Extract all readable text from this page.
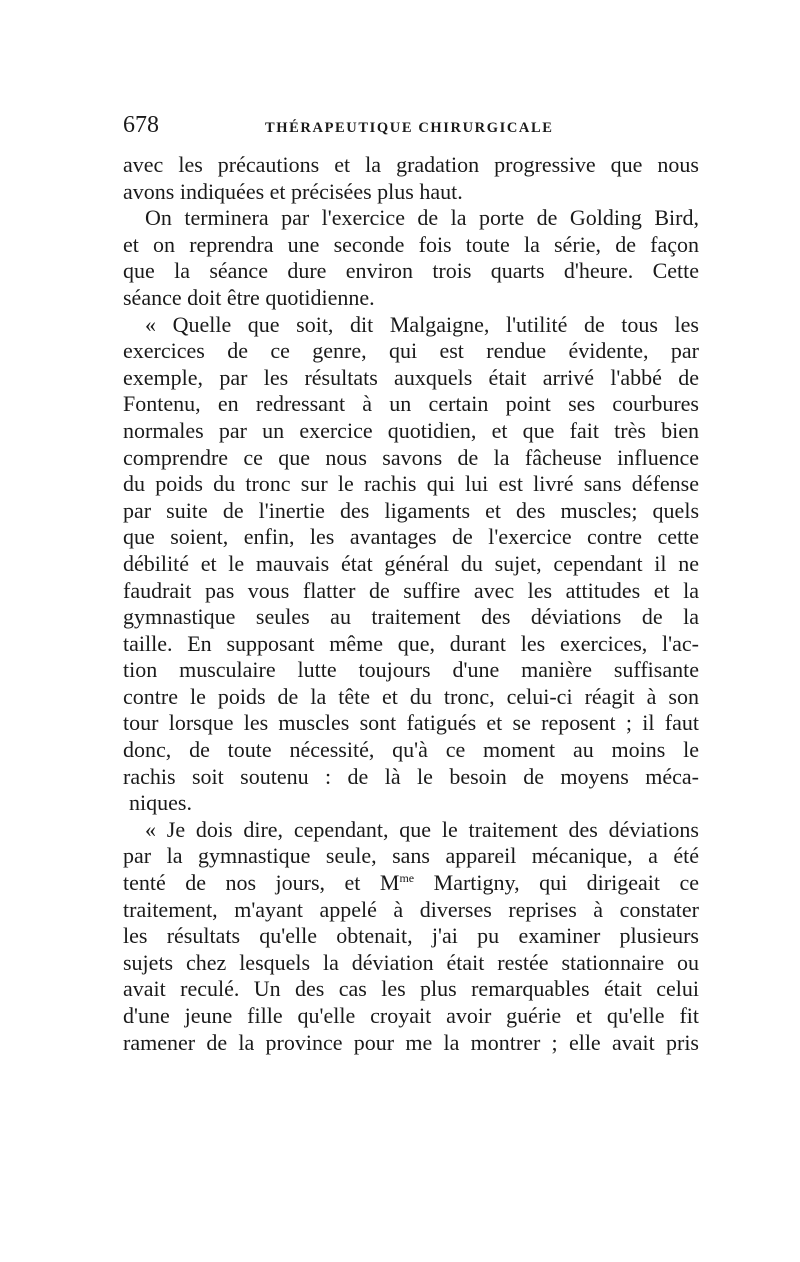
678	THÉRAPEUTIQUE CHIRURGICALE
avec les précautions et la gradation progressive que nous
avons indiquées et précisées plus haut.
On terminera par l'exercice de la porte de Golding Bird,
et on reprendra une seconde fois toute la série, de façon
que la séance dure environ trois quarts d'heure. Cette
séance doit être quotidienne.
« Quelle que soit, dit Malgaigne, l'utilité de tous les
exercices de ce genre, qui est rendue évidente, par
exemple, par les résultats auxquels était arrivé l'abbé de
Fontenu, en redressant à un certain point ses courbures
normales par un exercice quotidien, et que fait très bien
comprendre ce que nous savons de la fâcheuse influence
du poids du tronc sur le rachis qui lui est livré sans défense
par suite de l'inertie des ligaments et des muscles; quels
que soient, enfin, les avantages de l'exercice contre cette
débilité et le mauvais état général du sujet, cependant il ne
faudrait pas vous flatter de suffire avec les attitudes et la
gymnastique seules au traitement des déviations de la
taille. En supposant même que, durant les exercices, l'ac-
tion musculaire lutte toujours d'une manière suffisante
contre le poids de la tête et du tronc, celui-ci réagit à son
tour lorsque les muscles sont fatigués et se reposent ; il faut
donc, de toute nécessité, qu'à ce moment au moins le
rachis soit soutenu : de là le besoin de moyens méca-
niques.
« Je dois dire, cependant, que le traitement des déviations
par la gymnastique seule, sans appareil mécanique, a été
tenté de nos jours, et $M^{me}$ Martigny, qui dirigeait ce
traitement, m'ayant appelé à diverses reprises à constater
les résultats qu'elle obtenait, j'ai pu examiner plusieurs
sujets chez lesquels la déviation était restée stationnaire ou
avait reculé. Un des cas les plus remarquables était celui
d'une jeune fille qu'elle croyait avoir guérie et qu'elle fit
ramener de la province pour me la montrer ; elle avait pris
